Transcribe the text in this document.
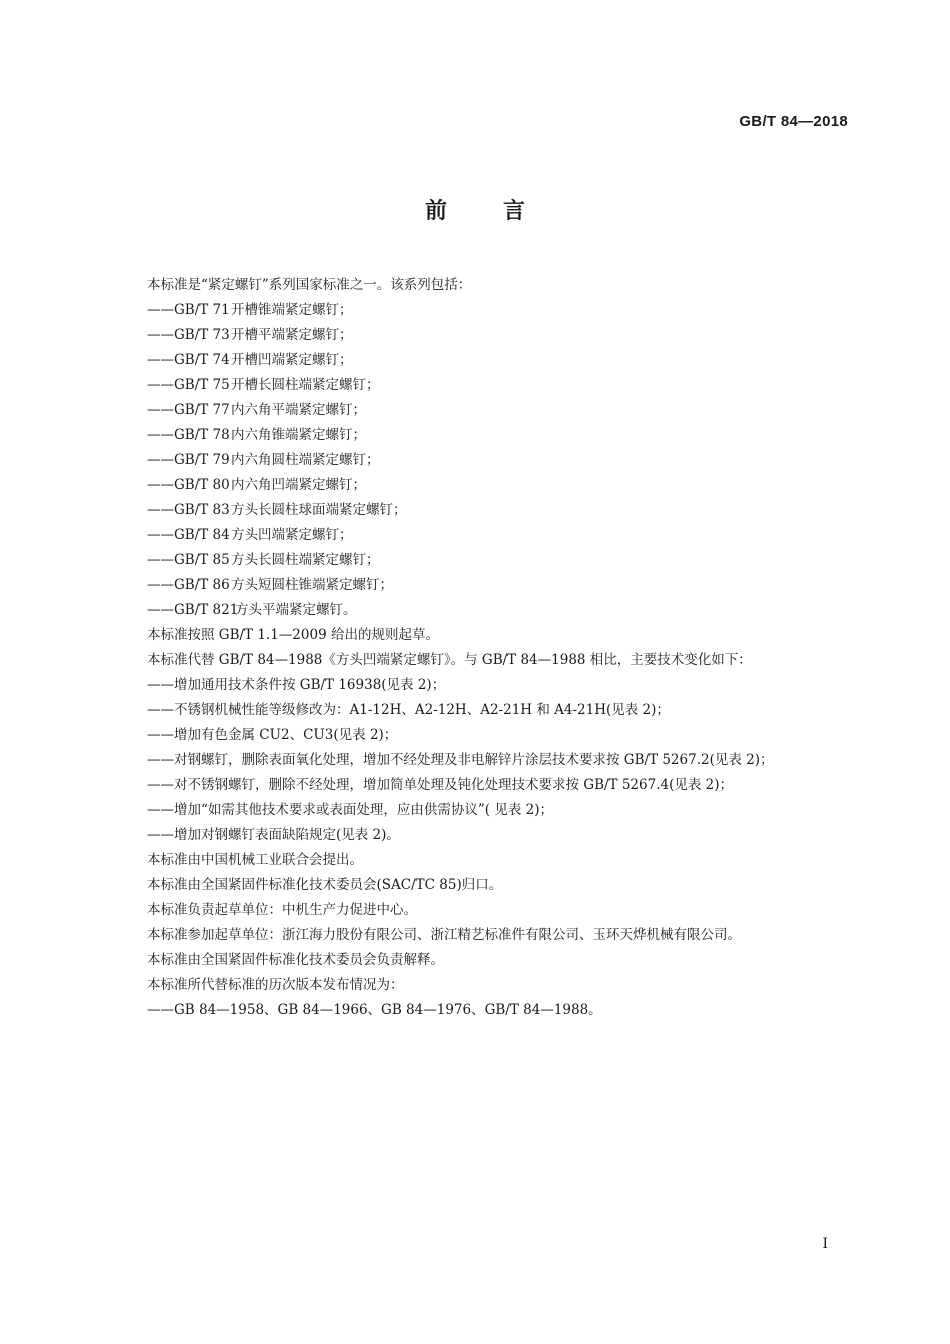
GB/T 84—2018
前言
本标准是“紧定螺钉”系列国家标准之一。该系列包括：
——GB/T 71开槽锥端紧定螺钉；
——GB/T 73开槽平端紧定螺钉；
——GB/T 74开槽凹端紧定螺钉；
——GB/T 75开槽长圆柱端紧定螺钉；
——GB/T 77内六角平端紧定螺钉；
——GB/T 78内六角锥端紧定螺钉；
——GB/T 79内六角圆柱端紧定螺钉；
——GB/T 80内六角凹端紧定螺钉；
——GB/T 83方头长圆柱球面端紧定螺钉；
——GB/T 84方头凹端紧定螺钉；
——GB/T 85方头长圆柱端紧定螺钉；
——GB/T 86方头短圆柱锥端紧定螺钉；
——GB/T 821方头平端紧定螺钉。
本标准按照 GB/T 1.1—2009 给出的规则起草。
本标准代替 GB/T 84—1988《方头凹端紧定螺钉》。与 GB/T 84—1988 相比，主要技术变化如下：
——增加通用技术条件按 GB/T 16938(见表 2)；
——不锈钢机械性能等级修改为：A1-12H、A2-12H、A2-21H 和 A4-21H(见表 2)；
——增加有色金属 CU2、CU3(见表 2)；
——对钢螺钉，删除表面氧化处理，增加不经处理及非电解锌片涂层技术要求按 GB/T 5267.2(见表 2)；
——对不锈钢螺钉，删除不经处理，增加简单处理及钝化处理技术要求按 GB/T 5267.4(见表 2)；
——增加“如需其他技术要求或表面处理，应由供需协议”( 见表 2)；
——增加对钢螺钉表面缺陷规定(见表 2)。
本标准由中国机械工业联合会提出。
本标准由全国紧固件标准化技术委员会(SAC/TC 85)归口。
本标准负责起草单位：中机生产力促进中心。
本标准参加起草单位：浙江海力股份有限公司、浙江精艺标准件有限公司、玉环天烨机械有限公司。
本标准由全国紧固件标准化技术委员会负责解释。
本标准所代替标准的历次版本发布情况为：
——GB 84—1958、GB 84—1966、GB 84—1976、GB/T 84—1988。
I
